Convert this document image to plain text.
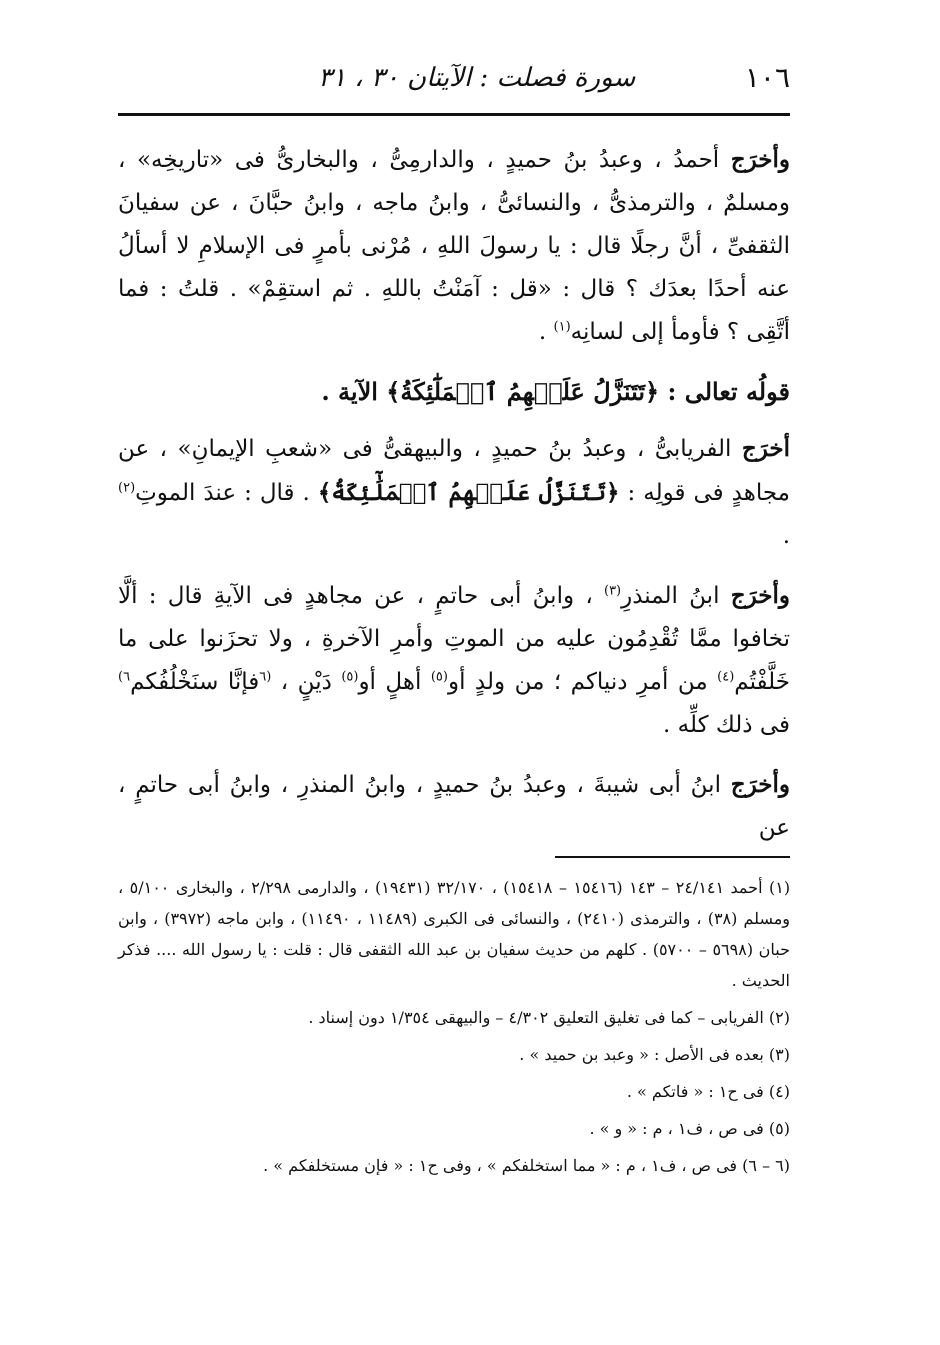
١٠٦
سورة فصلت : الآيتان ٣٠ ، ٣١

وأخرَج أحمدُ ، وعبدُ بنُ حميدٍ ، والدارمِىُّ ، والبخارىُّ فى «تاريخِه» ، ومسلمٌ ، والترمذىُّ ، والنسائىُّ ، وابنُ ماجه ، وابنُ حبَّانَ ، عن سفيانَ الثقفىِّ ، أنَّ رجلًا قال : يا رسولَ اللهِ ، مُرْنى بأمرٍ فى الإسلامِ لا أسألُ عنه أحدًا بعدَك ؟ قال : «قل : آمَنْتُ باللهِ . ثم استقِمْ» . قلتُ : فما أتَّقِى ؟ فأومأ إلى لسانِه$^{(١)}$ .

قولُه تعالى : ﴿تَتَنَزَّلُ عَلَيۡهِمُ ٱلۡمَلَٰٓئِكَةُ﴾ الآية .

أخرَج الفريابىُّ ، وعبدُ بنُ حميدٍ ، والبيهقىُّ فى «شعبِ الإيمانِ» ، عن مجاهدٍ فى قولِه : ﴿تَتَنَزَّلُ عَلَيۡهِمُ ٱلۡمَلَٰٓئِكَةُ﴾ . قال : عندَ الموتِ$^{(٢)}$ .

وأخرَج ابنُ المنذرِ$^{(٣)}$ ، وابنُ أبى حاتمٍ ، عن مجاهدٍ فى الآيةِ قال : ألَّا تخافوا ممَّا تُقْدِمُون عليه من الموتِ وأمرِ الآخرةِ ، ولا تحزَنوا على ما خَلَّفْتُم$^{(٤)}$ من أمرِ دنياكم ؛ من ولدٍ أو$^{(٥)}$ أهلٍ أو$^{(٥)}$ دَيْنٍ ، $^{(٦}$فإنَّا سنَخْلُفُكم$^{٦)}$ فى ذلك كلِّه .

وأخرَج ابنُ أبى شيبةَ ، وعبدُ بنُ حميدٍ ، وابنُ المنذرِ ، وابنُ أبى حاتمٍ ، عن

(١) أحمد ٢٤/١٤١ – ١٤٣ (١٥٤١٦ – ١٥٤١٨) ، ٣٢/١٧٠ (١٩٤٣١) ، والدارمى ٢/٢٩٨ ، والبخارى ٥/١٠٠ ، ومسلم (٣٨) ، والترمذى (٢٤١٠) ، والنسائى فى الكبرى (١١٤٨٩ ، ١١٤٩٠) ، وابن ماجه (٣٩٧٢) ، وابن حبان (٥٦٩٨ – ٥٧٠٠) . كلهم من حديث سفيان بن عبد الله الثقفى قال : قلت : يا رسول الله .... فذكر الحديث .

(٢) الفريابى – كما فى تغليق التعليق ٤/٣٠٢ – والبيهقى ١/٣٥٤ دون إسناد .

(٣) بعده فى الأصل : « وعبد بن حميد » .

(٤) فى ح١ : « فاتكم » .

(٥) فى ص ، ف١ ، م : « و » .

(٦ – ٦) فى ص ، ف١ ، م : « مما استخلفكم » ، وفى ح١ : « فإن مستخلفكم » .
